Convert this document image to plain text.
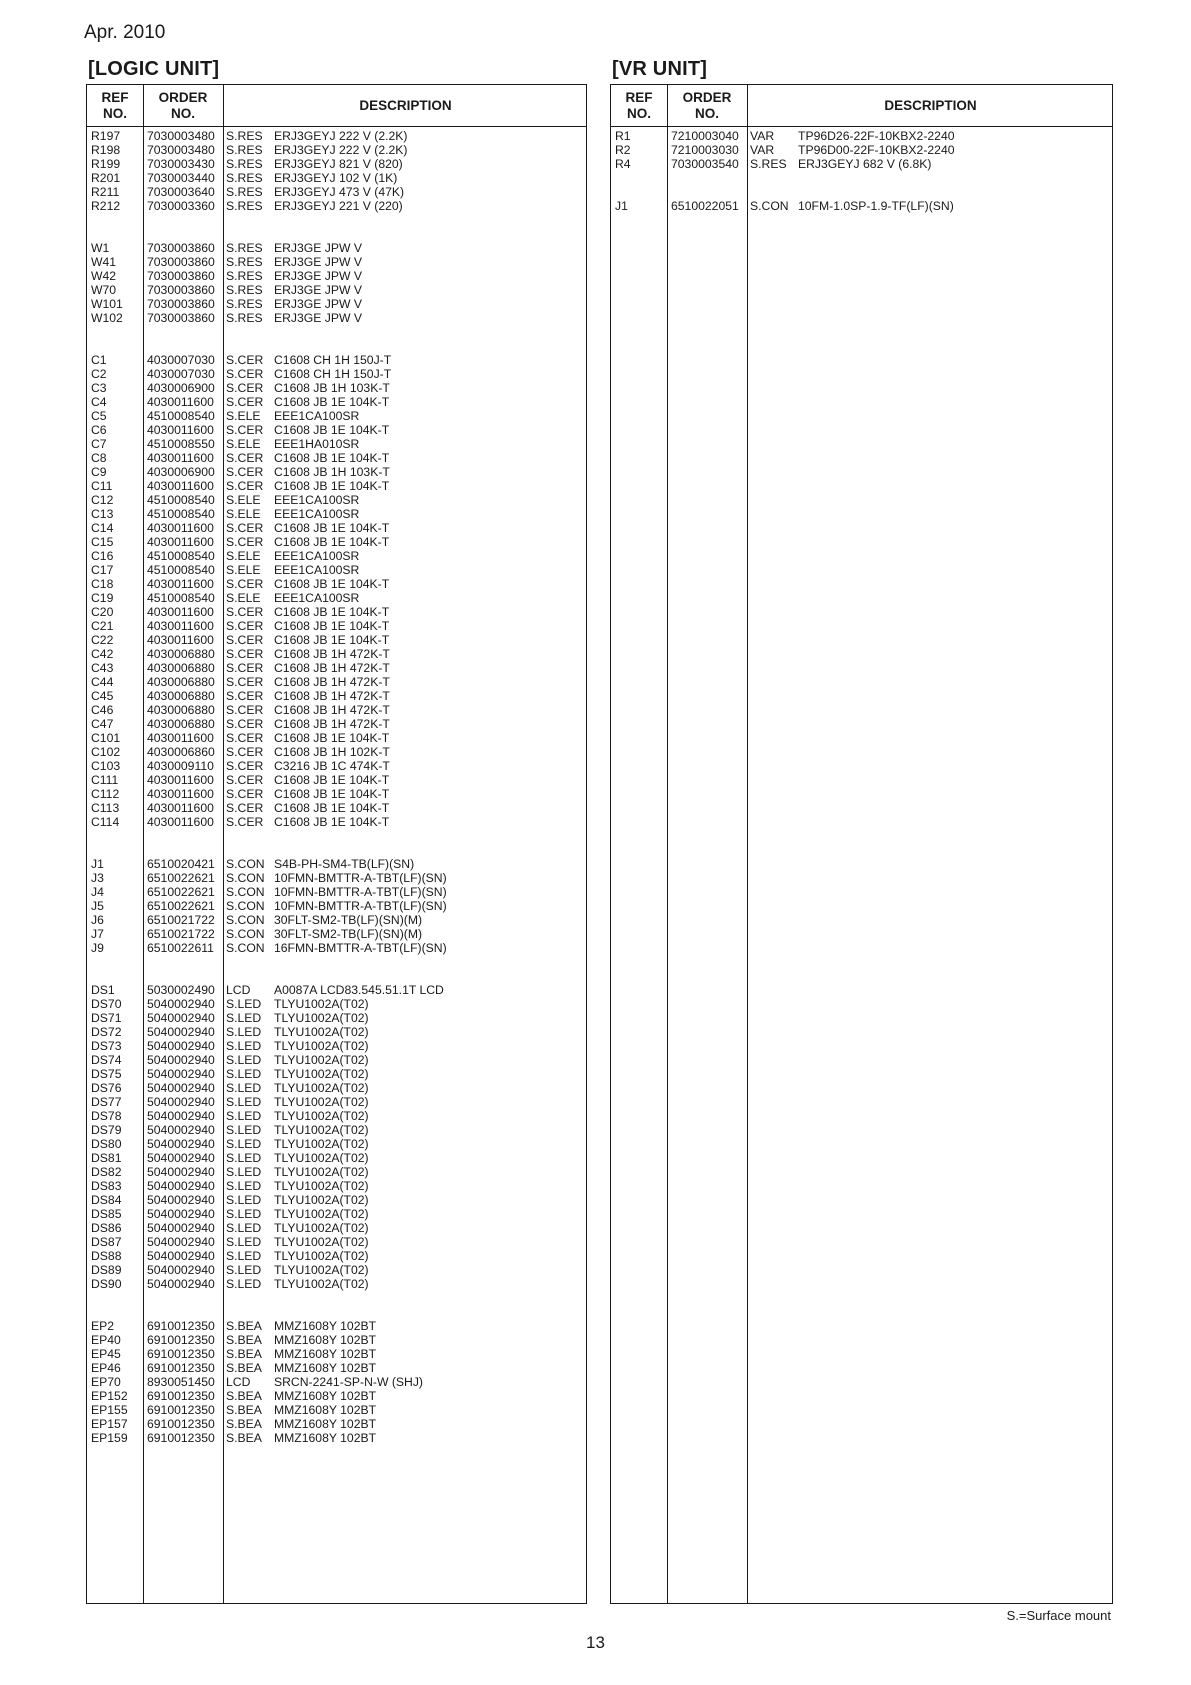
Apr. 2010
[LOGIC UNIT]
REF
NO.
ORDER
NO.
DESCRIPTION
R197 7030003480 S.RES ERJ3GEYJ 222 V (2.2K)
R198 7030003480 S.RES ERJ3GEYJ 222 V (2.2K)
R199 7030003430 S.RES ERJ3GEYJ 821 V (820)
R201 7030003440 S.RES ERJ3GEYJ 102 V (1K)
R211 7030003640 S.RES ERJ3GEYJ 473 V (47K)
R212 7030003360 S.RES ERJ3GEYJ 221 V (220)
W1	7030003860 S.RES ERJ3GE JPW V
W41	7030003860 S.RES ERJ3GE JPW V
W42	7030003860 S.RES ERJ3GE JPW V
W70	7030003860 S.RES ERJ3GE JPW V
W101 7030003860 S.RES ERJ3GE JPW V
W102 7030003860 S.RES ERJ3GE JPW V
C1	4030007030 S.CER C1608 CH 1H 150J-T
C2	4030007030 S.CER C1608 CH 1H 150J-T
C3	4030006900 S.CER C1608 JB 1H 103K-T
C4	4030011600 S.CER C1608 JB 1E 104K-T
C5	4510008540 S.ELE EEE1CA100SR
C6	4030011600 S.CER C1608 JB 1E 104K-T
C7	4510008550 S.ELE EEE1HA010SR
C8	4030011600 S.CER C1608 JB 1E 104K-T
C9	4030006900 S.CER C1608 JB 1H 103K-T
C11	4030011600 S.CER C1608 JB 1E 104K-T
C12	4510008540 S.ELE EEE1CA100SR
C13	4510008540 S.ELE EEE1CA100SR
C14	4030011600 S.CER C1608 JB 1E 104K-T
C15	4030011600 S.CER C1608 JB 1E 104K-T
C16	4510008540 S.ELE EEE1CA100SR
C17	4510008540 S.ELE EEE1CA100SR
C18	4030011600 S.CER C1608 JB 1E 104K-T
C19	4510008540 S.ELE EEE1CA100SR
C20	4030011600 S.CER C1608 JB 1E 104K-T
C21	4030011600 S.CER C1608 JB 1E 104K-T
C22	4030011600 S.CER C1608 JB 1E 104K-T
C42	4030006880 S.CER C1608 JB 1H 472K-T
C43	4030006880 S.CER C1608 JB 1H 472K-T
C44	4030006880 S.CER C1608 JB 1H 472K-T
C45	4030006880 S.CER C1608 JB 1H 472K-T
C46	4030006880 S.CER C1608 JB 1H 472K-T
C47	4030006880 S.CER C1608 JB 1H 472K-T
C101 4030011600 S.CER C1608 JB 1E 104K-T
C102 4030006860 S.CER C1608 JB 1H 102K-T
C103 4030009110 S.CER C3216 JB 1C 474K-T
C111 4030011600 S.CER C1608 JB 1E 104K-T
C112 4030011600 S.CER C1608 JB 1E 104K-T
C113 4030011600 S.CER C1608 JB 1E 104K-T
C114 4030011600 S.CER C1608 JB 1E 104K-T
J1	6510020421 S.CON S4B-PH-SM4-TB(LF)(SN)
J3	6510022621 S.CON 10FMN-BMTTR-A-TBT(LF)(SN)
J4	6510022621 S.CON 10FMN-BMTTR-A-TBT(LF)(SN)
J5	6510022621 S.CON 10FMN-BMTTR-A-TBT(LF)(SN)
J6	6510021722 S.CON 30FLT-SM2-TB(LF)(SN)(M)
J7	6510021722 S.CON 30FLT-SM2-TB(LF)(SN)(M)
J9	6510022611 S.CON 16FMN-BMTTR-A-TBT(LF)(SN)
DS1	5030002490 LCD A0087A LCD83.545.51.1T LCD
DS70 5040002940 S.LED TLYU1002A(T02)
DS71 5040002940 S.LED TLYU1002A(T02)
DS72 5040002940 S.LED TLYU1002A(T02)
DS73 5040002940 S.LED TLYU1002A(T02)
DS74 5040002940 S.LED TLYU1002A(T02)
DS75 5040002940 S.LED TLYU1002A(T02)
DS76 5040002940 S.LED TLYU1002A(T02)
DS77 5040002940 S.LED TLYU1002A(T02)
DS78 5040002940 S.LED TLYU1002A(T02)
DS79 5040002940 S.LED TLYU1002A(T02)
DS80 5040002940 S.LED TLYU1002A(T02)
DS81 5040002940 S.LED TLYU1002A(T02)
DS82 5040002940 S.LED TLYU1002A(T02)
DS83 5040002940 S.LED TLYU1002A(T02)
DS84 5040002940 S.LED TLYU1002A(T02)
DS85 5040002940 S.LED TLYU1002A(T02)
DS86 5040002940 S.LED TLYU1002A(T02)
DS87 5040002940 S.LED TLYU1002A(T02)
DS88 5040002940 S.LED TLYU1002A(T02)
DS89 5040002940 S.LED TLYU1002A(T02)
DS90 5040002940 S.LED TLYU1002A(T02)
EP2	6910012350 S.BEA MMZ1608Y 102BT
EP40 6910012350 S.BEA MMZ1608Y 102BT
EP45 6910012350 S.BEA MMZ1608Y 102BT
EP46 6910012350 S.BEA MMZ1608Y 102BT
EP70 8930051450 LCD SRCN-2241-SP-N-W (SHJ)
EP152 6910012350 S.BEA MMZ1608Y 102BT
EP155 6910012350 S.BEA MMZ1608Y 102BT
EP157 6910012350 S.BEA MMZ1608Y 102BT
EP159 6910012350 S.BEA MMZ1608Y 102BT
[VR UNIT]
REF
NO.
ORDER
NO.
DESCRIPTION
R1	7210003040 VAR TP96D26-22F-10KBX2-2240
R2	7210003030 VAR TP96D00-22F-10KBX2-2240
R4	7030003540 S.RES ERJ3GEYJ 682 V (6.8K)
J1	6510022051 S.CON 10FM-1.0SP-1.9-TF(LF)(SN)
S.=Surface mount
13
